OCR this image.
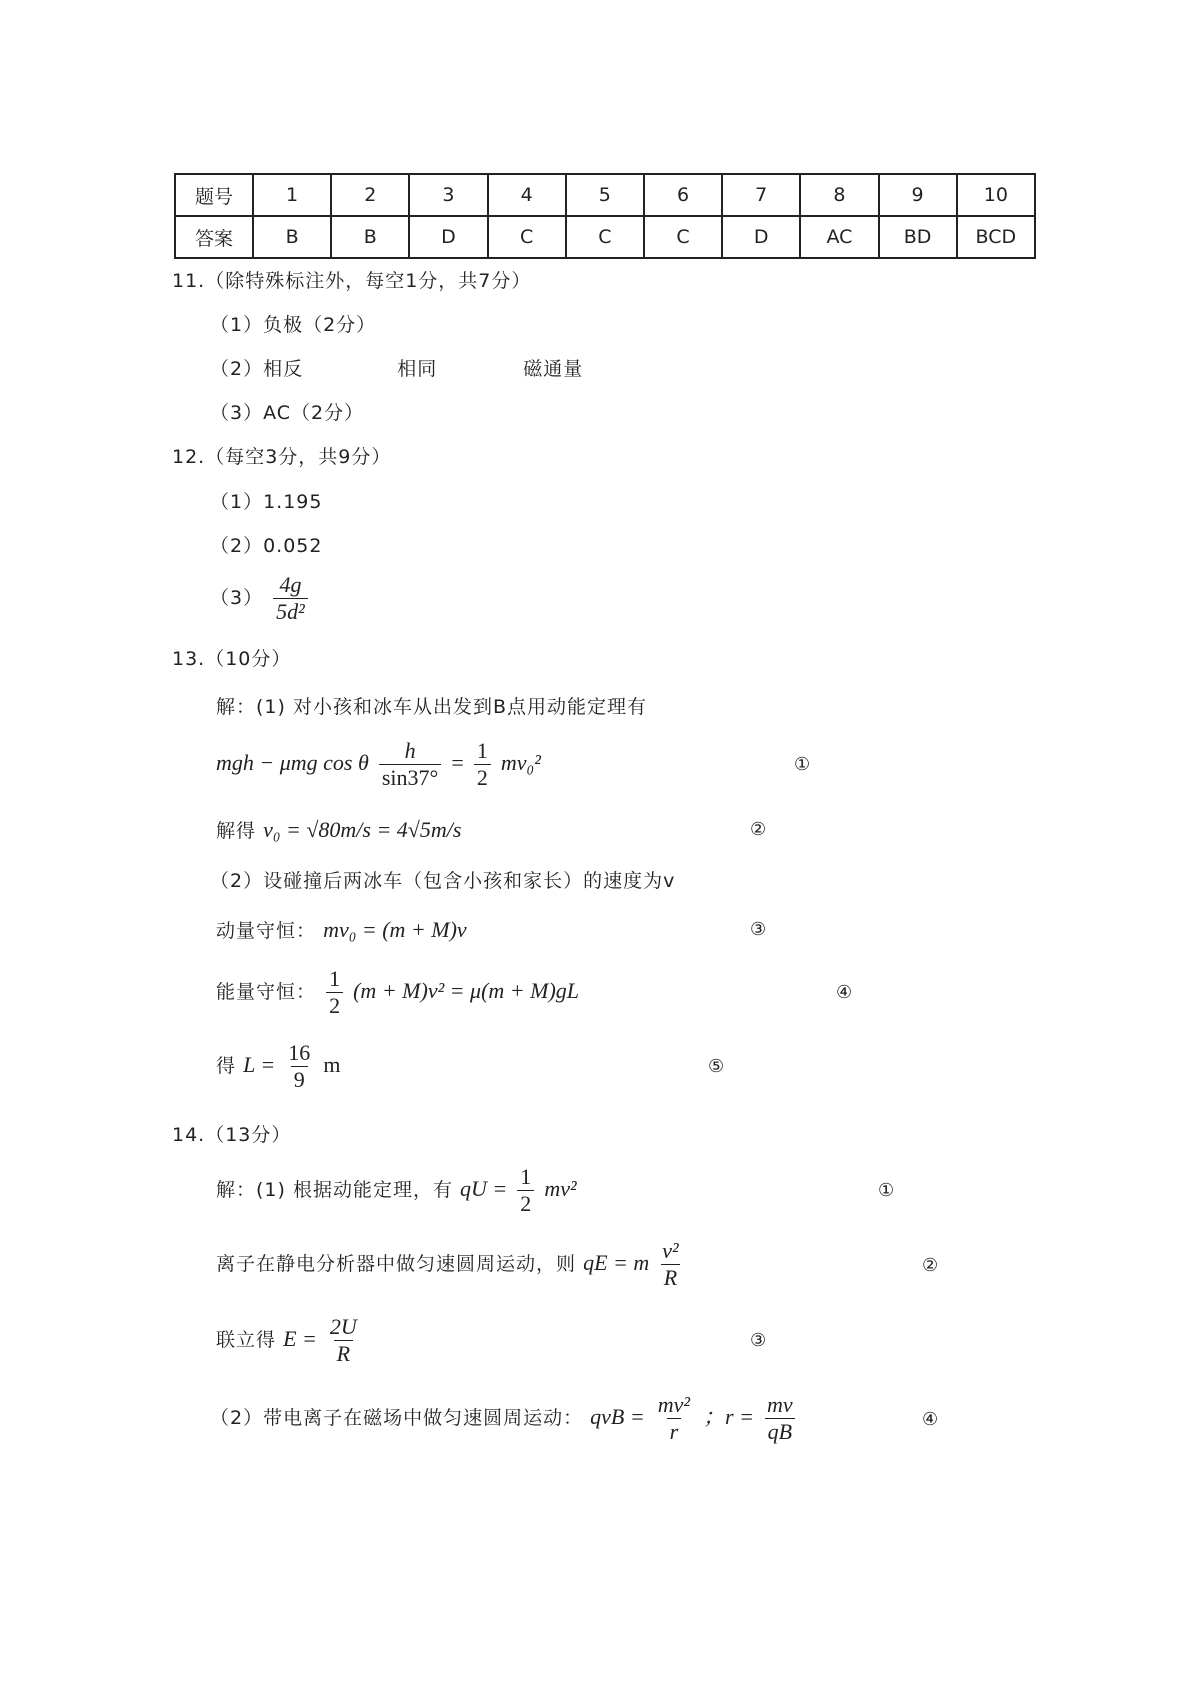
题号	1	2	3	4	5	6	7	8	9	10
答案	B	B	D	C	C	C	D	AC	BD	BCD
11.（除特殊标注外，每空1分，共7分）
（1）负极（2分）
（2）相反	相同	磁通量
（3）AC（2分）
12.（每空3分，共9分）
（1）1.195
（2）0.052
$(3) \frac{4g}{\text{5d²}}$
13.（10分）
解：(1) 对小孩和冰车从出发到B点用动能定理有
mgh − μmg cos θ $\frac{h}{\sin 37^\circ} = \frac{1}{2} mv_0^2$	①
解得 v₀ = √80m/s = 4√5m/s	②
（2）设碰撞后两冰车（包含小孩和家长）的速度为v
动量守恒： mv₀ = (m + M)v	③
能量守恒： $\frac{1}{2} (m + M)v^2 = \mu(m + M)gL$	④
得 $L = \frac{16}{9}$ m	⑤
14.（13分）
解：(1) 根据动能定理，有 qU = $\frac{1}{2} mv^2$	①
离子在静电分析器中做匀速圆周运动，则 qE = m $\frac{\text{v²}}{R}$	②
联立得 $E = \frac{2U}{R}$	③
（2）带电离子在磁场中做匀速圆周运动： qvB = $\frac{\text{mv²}}{r}$ ；$r = \frac{mv}{qB}$	④
